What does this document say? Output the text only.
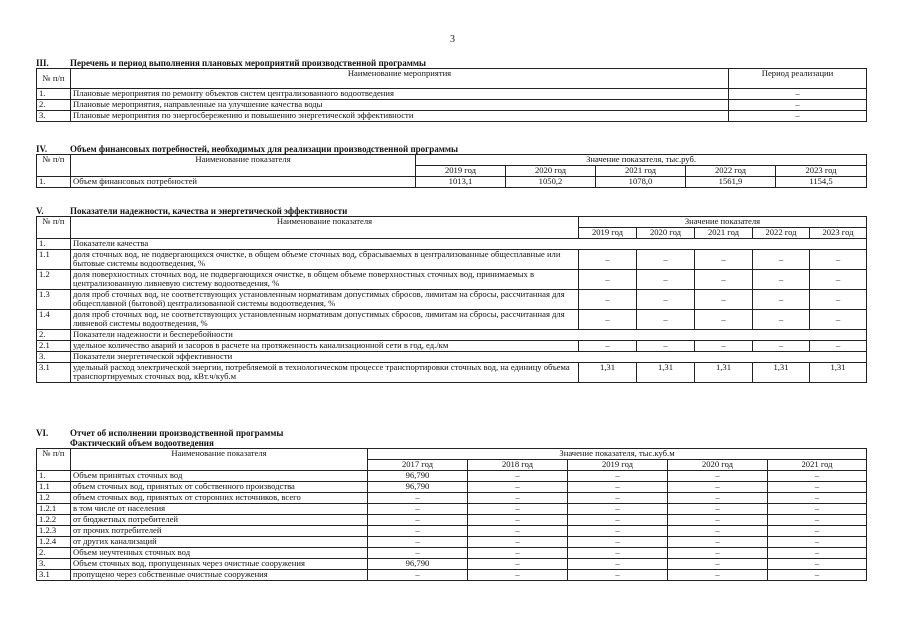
3
III. Перечень и период выполнения плановых мероприятий производственной программы
№ п/п	Наименование мероприятия	Период реализации
1.	Плановые мероприятия по ремонту объектов систем централизованного водоотведения	–
2.	Плановые мероприятия, направленные на улучшение качества воды	–
3.	Плановые мероприятия по энергосбережению и повышению энергетической эффективности	–
IV.	Объем финансовых потребностей, необходимых для реализации производственной программы
№ п/п	Наименование показателя	Значение показателя, тыс.руб.				
		2019 год	2020 год	2021 год	2022 год	2023 год
1.	Объем финансовых потребностей	1013,1	1050,2	1078,0	1561,9	1154,5
V.	Показатели надежности, качества и энергетической эффективности
№ п/п	Наименование показателя	Значение показателя				
		2019 год	2020 год	2021 год	2022 год	2023 год
1.	Показатели качества					
1.1	доля сточных вод, не подвергающихся очистке, в общем объеме сточных вод, сбрасываемых в централизованные общесплавные или бытовые системы водоотведения, %	–	–	–	–	–
1.2	доля поверхностных сточных вод, не подвергающихся очистке, в общем объеме поверхностных сточных вод, принимаемых в централизованную ливневую систему водоотведения, %	–	–	–	–	–
1.3	доля проб сточных вод, не соответствующих установленным нормативам допустимых сбросов, лимитам на сбросы, рассчитанная для общесплавной (бытовой) централизованной системы водоотведения, %	–	–	–	–	–
1.4	доля проб сточных вод, не соответствующих установленным нормативам допустимых сбросов, лимитам на сбросы, рассчитанная для ливневой системы водоотведения, %	–	–	–	–	–
2.	Показатели надежности и бесперебойности					
2.1	удельное количество аварий и засоров в расчете на протяженность канализационной сети в год, ед./км	–	–	–	–	–
3.	Показатели энергетической эффективности					
3.1	удельный расход электрической энергии, потребляемой в технологическом процессе транспортировки сточных вод, на единицу объема транспортируемых сточных вод, кВт.ч/куб.м	1,31	1,31	1,31	1,31	1,31
VI. Отчет об исполнении производственной программы
Фактический объем водоотведения
№ п/п	Наименование показателя	Значение показателя, тыс.куб.м				
		2017 год	2018 год	2019 год	2020 год	2021 год
1.	Объем принятых сточных вод	96,790	–	–	–	–
1.1	объем сточных вод, принятых от собственного производства	96,790	–	–	–	–
1.2	объем сточных вод, принятых от сторонних источников, всего	–	–	–	–	–
1.2.1	в том числе от населения	–	–	–	–	–
1.2.2	от бюджетных потребителей	–	–	–	–	–
1.2.3	от прочих потребителей	–	–	–	–	–
1.2.4	от других канализаций	–	–	–	–	–
2.	Объем неучтенных сточных вод	–	–	–	–	–
3.	Объем сточных вод, пропущенных через очистные сооружения	96,790	–	–	–	–
3.1	пропущено через собственные очистные сооружения	–	–	–	–	–
